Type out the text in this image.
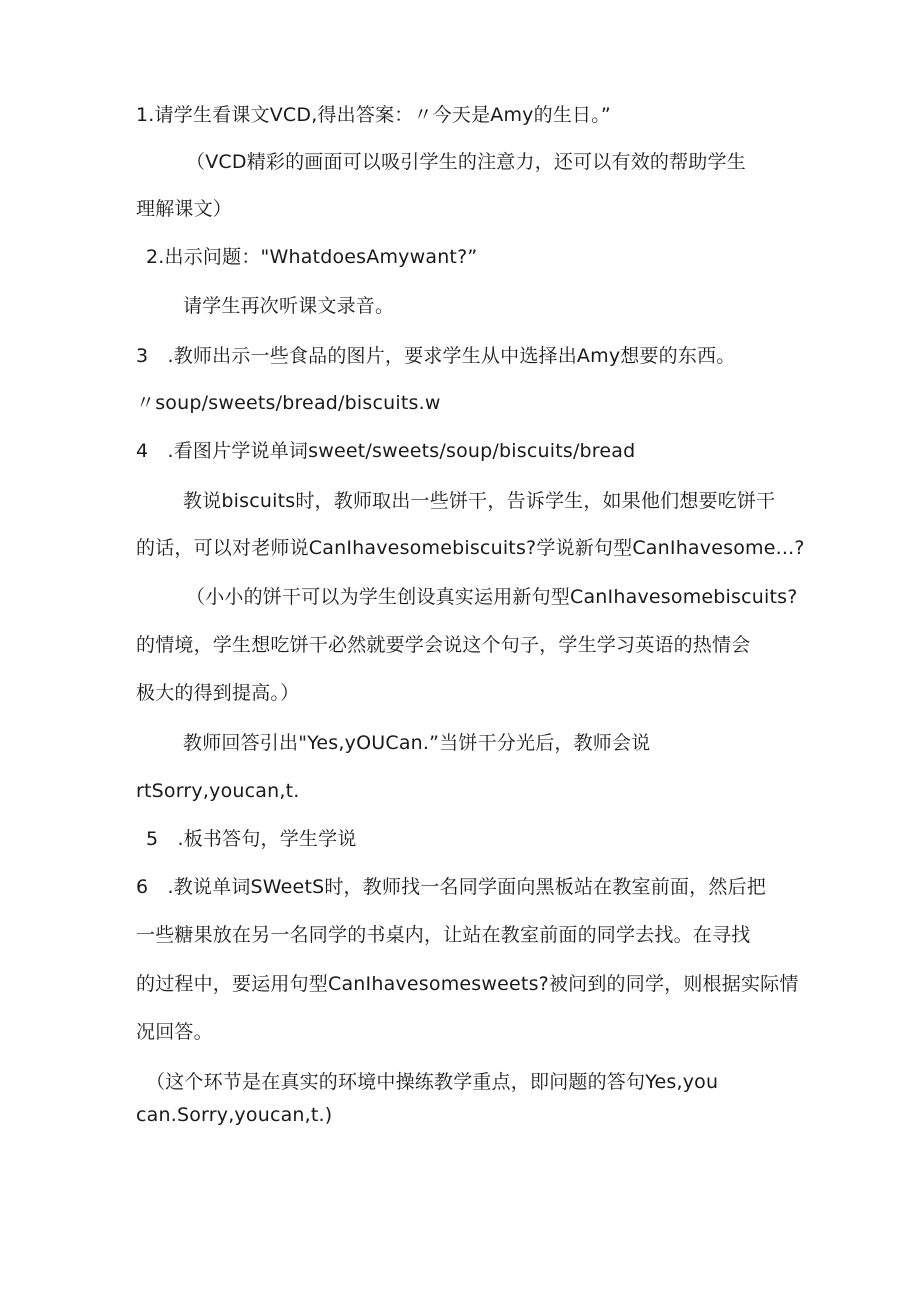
1.请学生看课文VCD,得出答案：〃今天是Amy的生日。”
（VCD精彩的画面可以吸引学生的注意力，还可以有效的帮助学生
理解课文）
2.出示问题："WhatdoesAmywant?”
请学生再次听课文录音。
3　.教师出示一些食品的图片，要求学生从中选择出Amy想要的东西。
〃soup/sweets/bread/biscuits.w
4　.看图片学说单词sweet/sweets/soup/biscuits/bread
教说biscuits时，教师取出一些饼干，告诉学生，如果他们想要吃饼干
的话，可以对老师说CanIhavesomebiscuits?学说新句型CanIhavesome...?
（小小的饼干可以为学生创设真实运用新句型CanIhavesomebiscuits?
的情境，学生想吃饼干必然就要学会说这个句子，学生学习英语的热情会
极大的得到提高。）
教师回答引出"Yes,yOUCan.”当饼干分光后，教师会说
rtSorry,youcan,t.
5　.板书答句，学生学说
6　.教说单词SWeetS时，教师找一名同学面向黑板站在教室前面，然后把
一些糖果放在另一名同学的书桌内，让站在教室前面的同学去找。在寻找
的过程中，要运用句型CanIhavesomesweets?被问到的同学，则根据实际情
况回答。
（这个环节是在真实的环境中操练教学重点，即问题的答句Yes,you
can.Sorry,youcan,t.)
